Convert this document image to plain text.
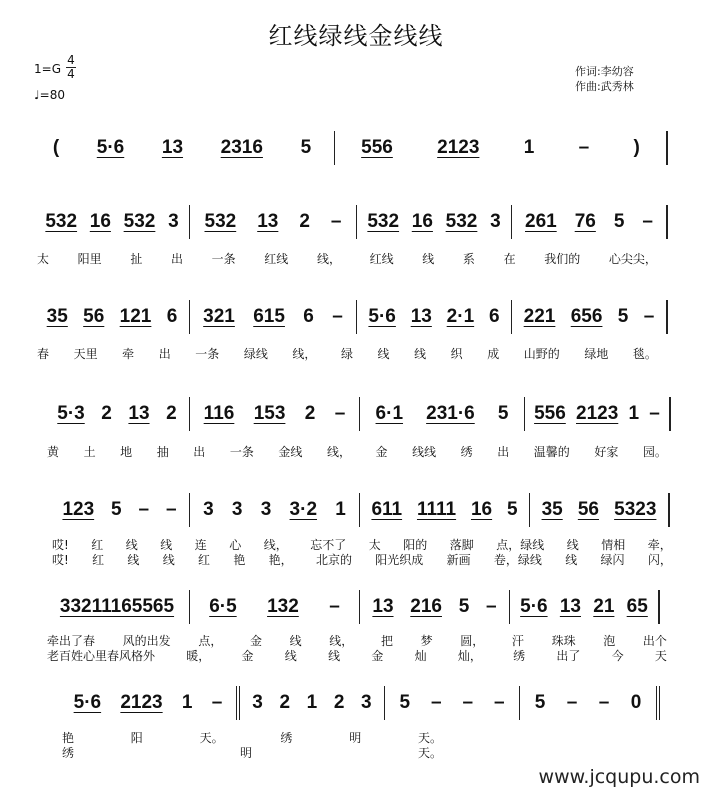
红线绿线金线线
1=G
4
4
♩=80
作词:李幼容
作曲:武秀林
( 5·6 13 2316 5	556 2123 1 – )
532 16 532 3 532 13 2 – 532 16 532 3 261 76 5 –
太 阳里 扯 出 一条 红线 线， 红线 线 系 在 我们的 心尖尖，
35 56 121 6 321 615 6 – 5·6 13 2·1 6 221 656 5 –
春 天里 牵 出 一条 绿线 线， 绿 线 线 织 成 山野的 绿地 毯。
5·3 2 13 2 116 153 2 – 6·1 231·6 5 556 2123 1 –
黄 土 地 抽 出 一条 金线 线， 金 线线 绣 出 温馨的 好家 园。
123 5 – – 3 3 3 3·2 1 611 1111 16 5 35 56 5323
哎! 红 线 线 连 心 线， 忘不了 太 阳的 落脚 点，绿线 线 情相 牵，
哎! 红 线 线 红 艳 艳， 北京的 阳光织成 新画 卷，绿线 线 绿闪 闪，
33211165565 6·5 132 – 13 216 5 – 5·6 13 21 65
牵出了春 风的出发 点， 金 线 线， 把 梦 圆， 汗 珠珠 泡 出个
老百姓心里春风格外	暖，	金	线	线	金	灿	灿，	绣	出了	今	天
5·6 2123 1 – 3 2 1 2 3 5 – – – 5 – – 0
艳	阳	天。	绣	明	天。
绣	明	天。
www.jcqupu.com
